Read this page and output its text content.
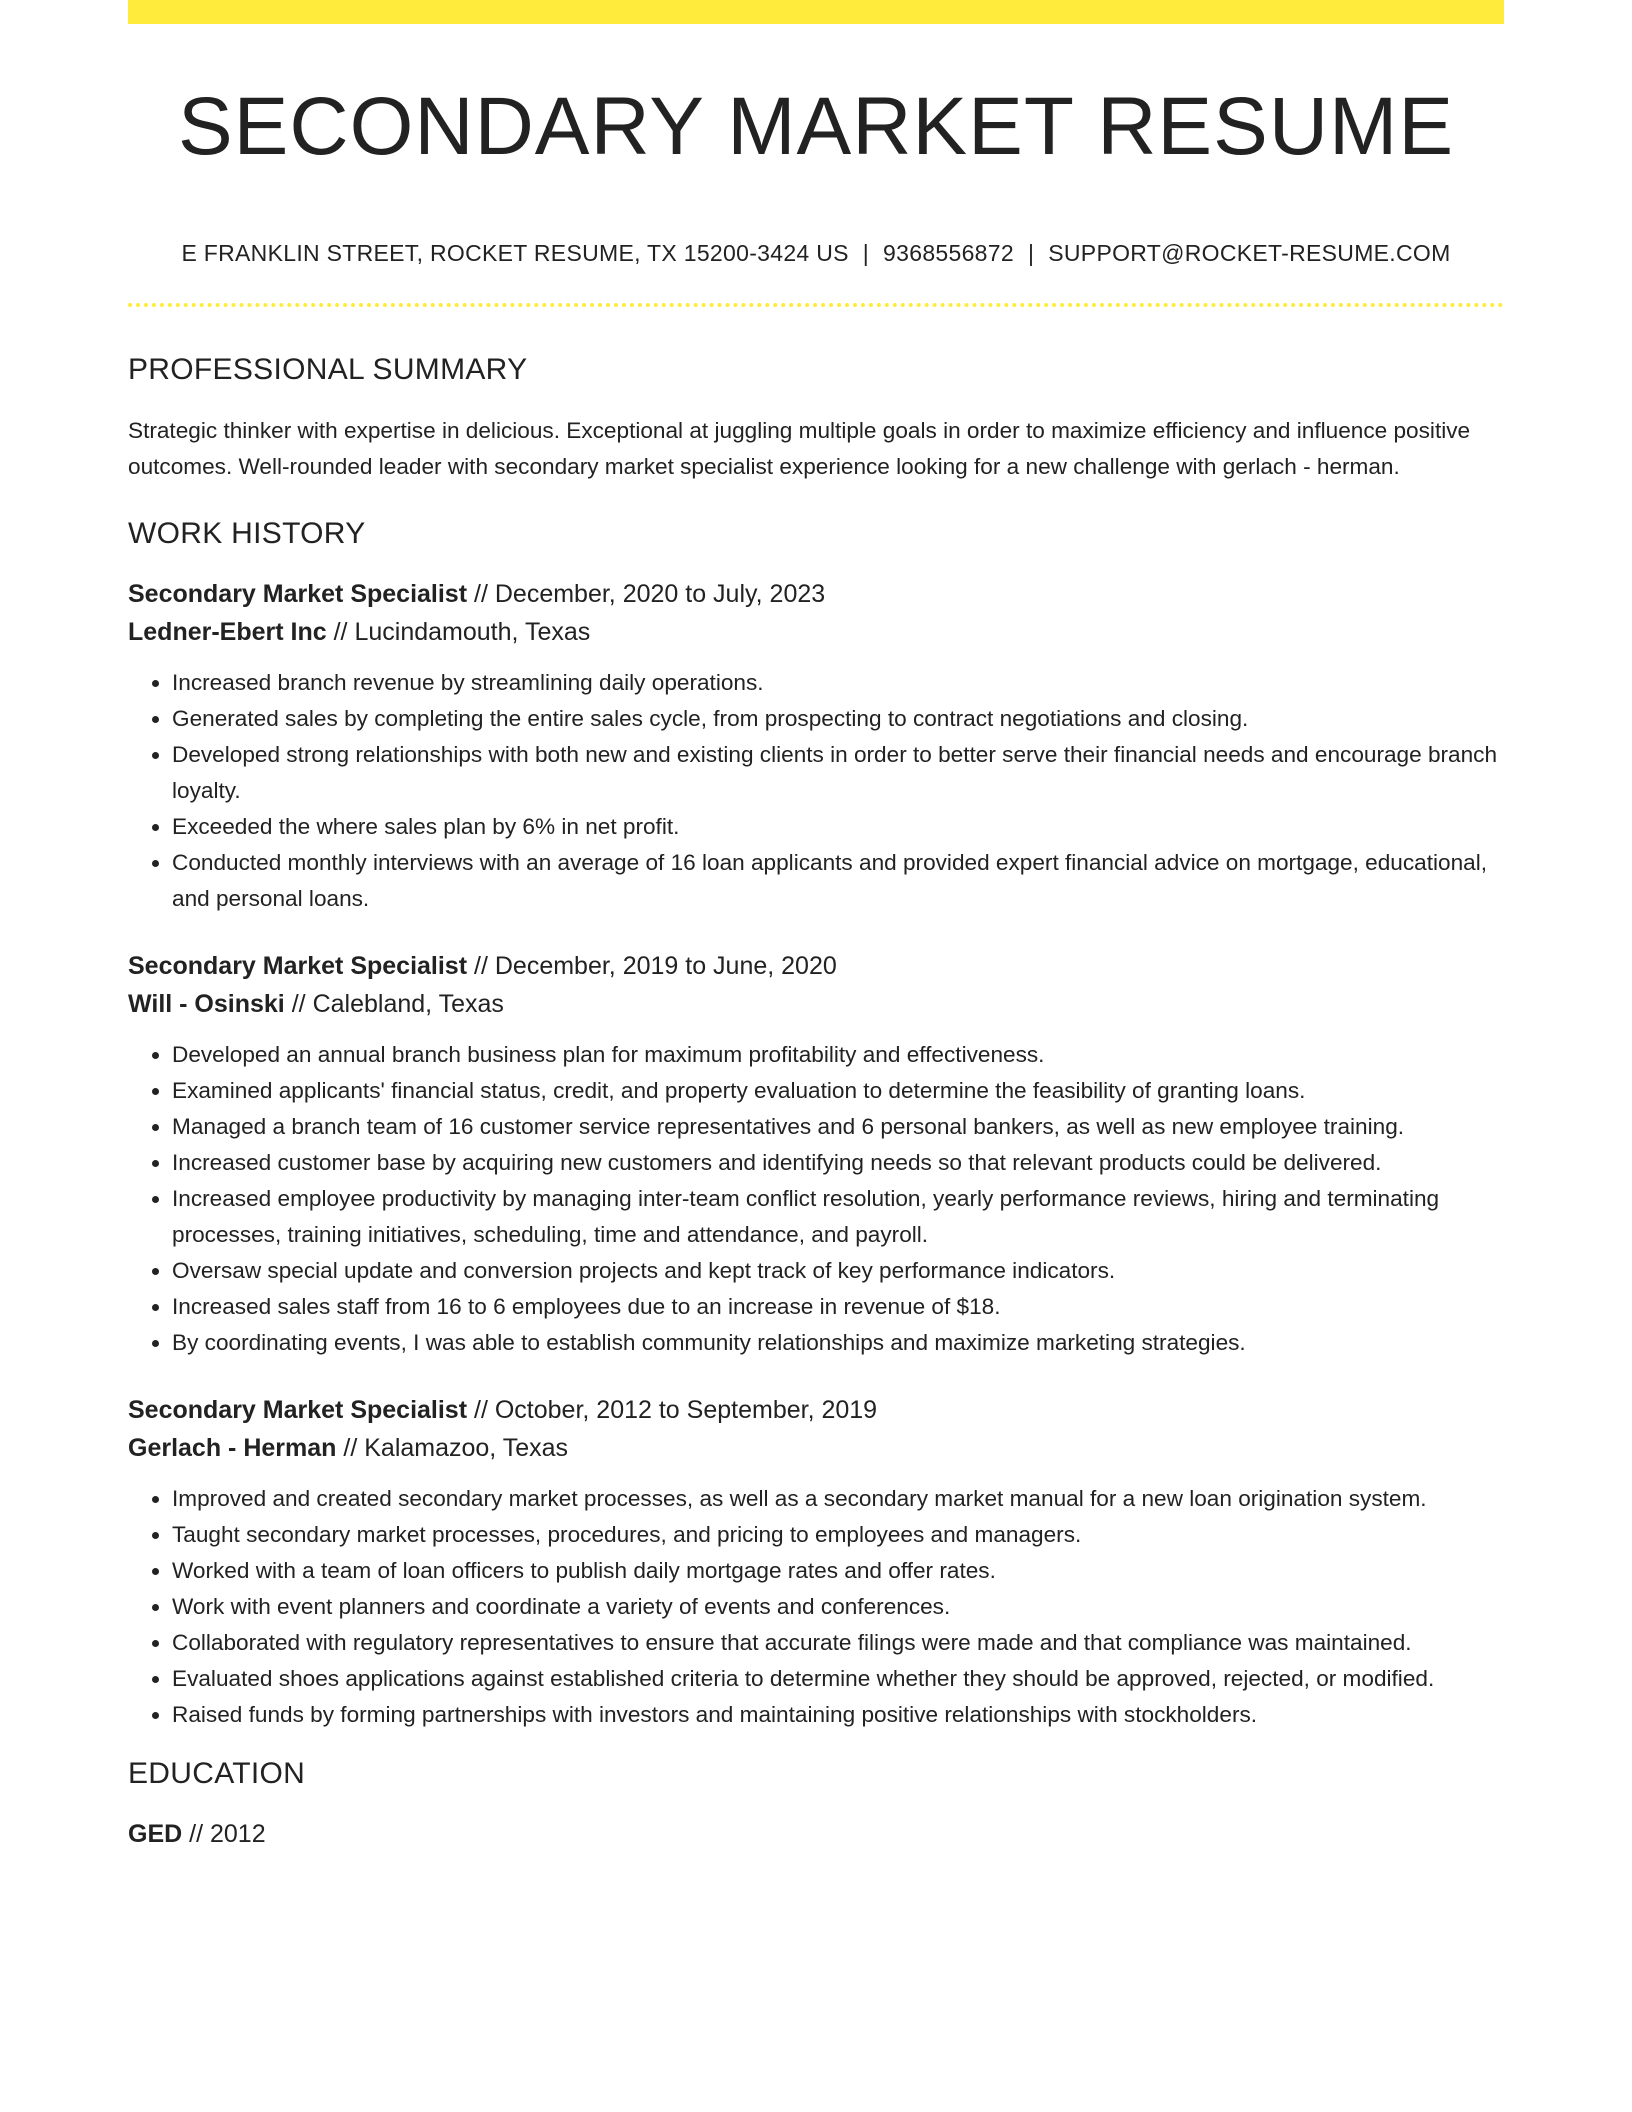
SECONDARY MARKET RESUME
E FRANKLIN STREET, ROCKET RESUME, TX 15200-3424 US | 9368556872 | SUPPORT@ROCKET-RESUME.COM
PROFESSIONAL SUMMARY
Strategic thinker with expertise in delicious. Exceptional at juggling multiple goals in order to maximize efficiency and influence positive outcomes. Well-rounded leader with secondary market specialist experience looking for a new challenge with gerlach - herman.
WORK HISTORY
Secondary Market Specialist // December, 2020 to July, 2023
Ledner-Ebert Inc // Lucindamouth, Texas
• Increased branch revenue by streamlining daily operations.
• Generated sales by completing the entire sales cycle, from prospecting to contract negotiations and closing.
• Developed strong relationships with both new and existing clients in order to better serve their financial needs and encourage branch loyalty.
• Exceeded the where sales plan by 6% in net profit.
• Conducted monthly interviews with an average of 16 loan applicants and provided expert financial advice on mortgage, educational, and personal loans.
Secondary Market Specialist // December, 2019 to June, 2020
Will - Osinski // Calebland, Texas
• Developed an annual branch business plan for maximum profitability and effectiveness.
• Examined applicants' financial status, credit, and property evaluation to determine the feasibility of granting loans.
• Managed a branch team of 16 customer service representatives and 6 personal bankers, as well as new employee training.
• Increased customer base by acquiring new customers and identifying needs so that relevant products could be delivered.
• Increased employee productivity by managing inter-team conflict resolution, yearly performance reviews, hiring and terminating processes, training initiatives, scheduling, time and attendance, and payroll.
• Oversaw special update and conversion projects and kept track of key performance indicators.
• Increased sales staff from 16 to 6 employees due to an increase in revenue of $18.
• By coordinating events, I was able to establish community relationships and maximize marketing strategies.
Secondary Market Specialist // October, 2012 to September, 2019
Gerlach - Herman // Kalamazoo, Texas
• Improved and created secondary market processes, as well as a secondary market manual for a new loan origination system.
• Taught secondary market processes, procedures, and pricing to employees and managers.
• Worked with a team of loan officers to publish daily mortgage rates and offer rates.
• Work with event planners and coordinate a variety of events and conferences.
• Collaborated with regulatory representatives to ensure that accurate filings were made and that compliance was maintained.
• Evaluated shoes applications against established criteria to determine whether they should be approved, rejected, or modified.
• Raised funds by forming partnerships with investors and maintaining positive relationships with stockholders.
EDUCATION
GED // 2012
